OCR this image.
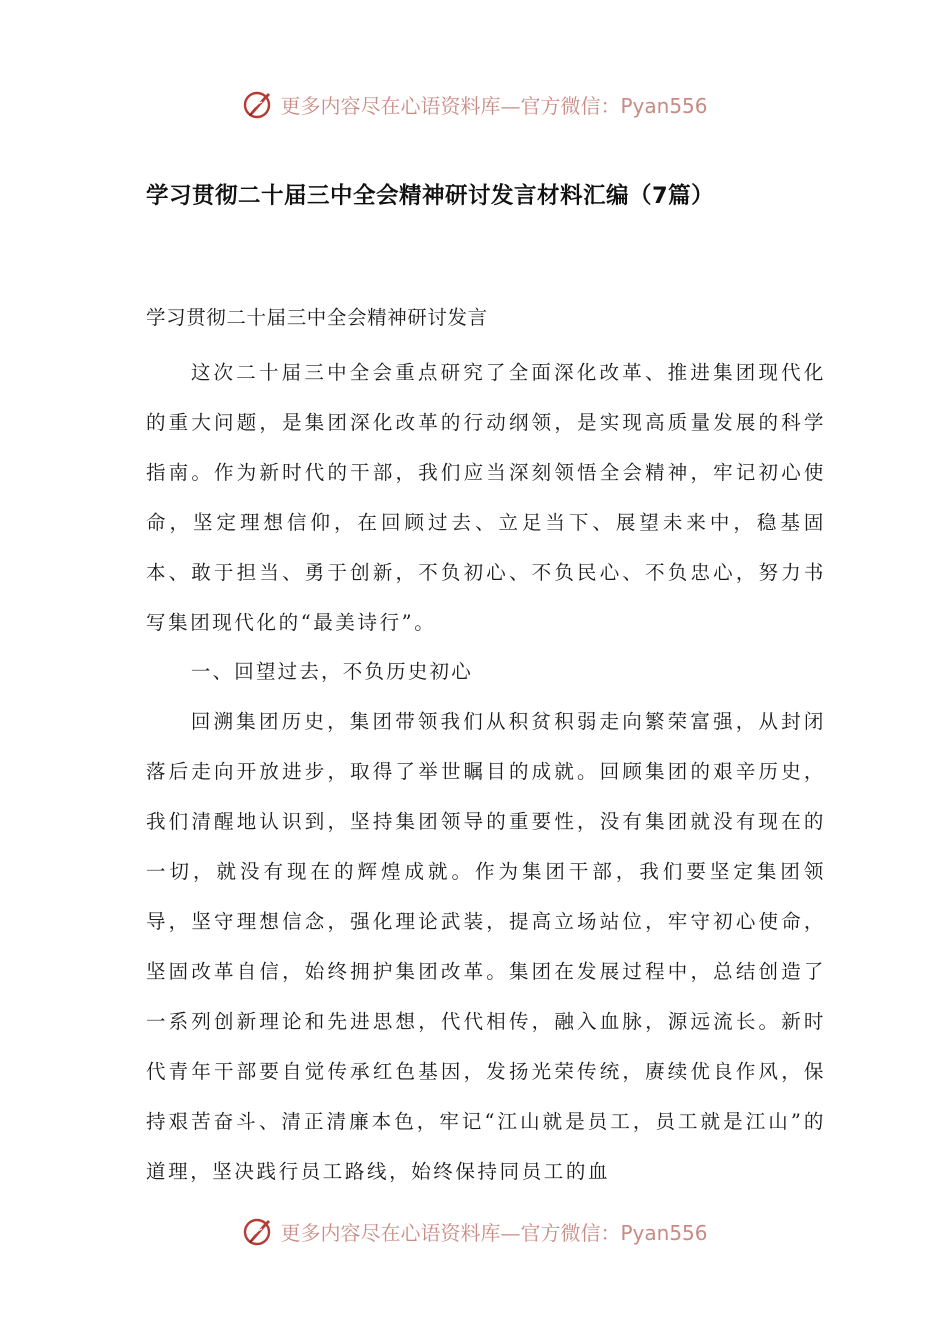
更多内容尽在心语资料库—官方微信：Pyan556
学习贯彻二十届三中全会精神研讨发言材料汇编（7篇）

学习贯彻二十届三中全会精神研讨发言

这次二十届三中全会重点研究了全面深化改革、推进集团现代化的重大问题，是集团深化改革的行动纲领，是实现高质量发展的科学指南。作为新时代的干部，我们应当深刻领悟全会精神，牢记初心使命，坚定理想信仰，在回顾过去、立足当下、展望未来中，稳基固本、敢于担当、勇于创新，不负初心、不负民心、不负忠心，努力书写集团现代化的“最美诗行”。

一、回望过去，不负历史初心

回溯集团历史，集团带领我们从积贫积弱走向繁荣富强，从封闭落后走向开放进步，取得了举世瞩目的成就。回顾集团的艰辛历史，我们清醒地认识到，坚持集团领导的重要性，没有集团就没有现在的一切，就没有现在的辉煌成就。作为集团干部，我们要坚定集团领导，坚守理想信念，强化理论武装，提高立场站位，牢守初心使命，坚固改革自信，始终拥护集团改革。集团在发展过程中，总结创造了一系列创新理论和先进思想，代代相传，融入血脉，源远流长。新时代青年干部要自觉传承红色基因，发扬光荣传统，赓续优良作风，保持艰苦奋斗、清正清廉本色，牢记“江山就是员工，员工就是江山”的道理，坚决践行员工路线，始终保持同员工的血

更多内容尽在心语资料库—官方微信：Pyan556
